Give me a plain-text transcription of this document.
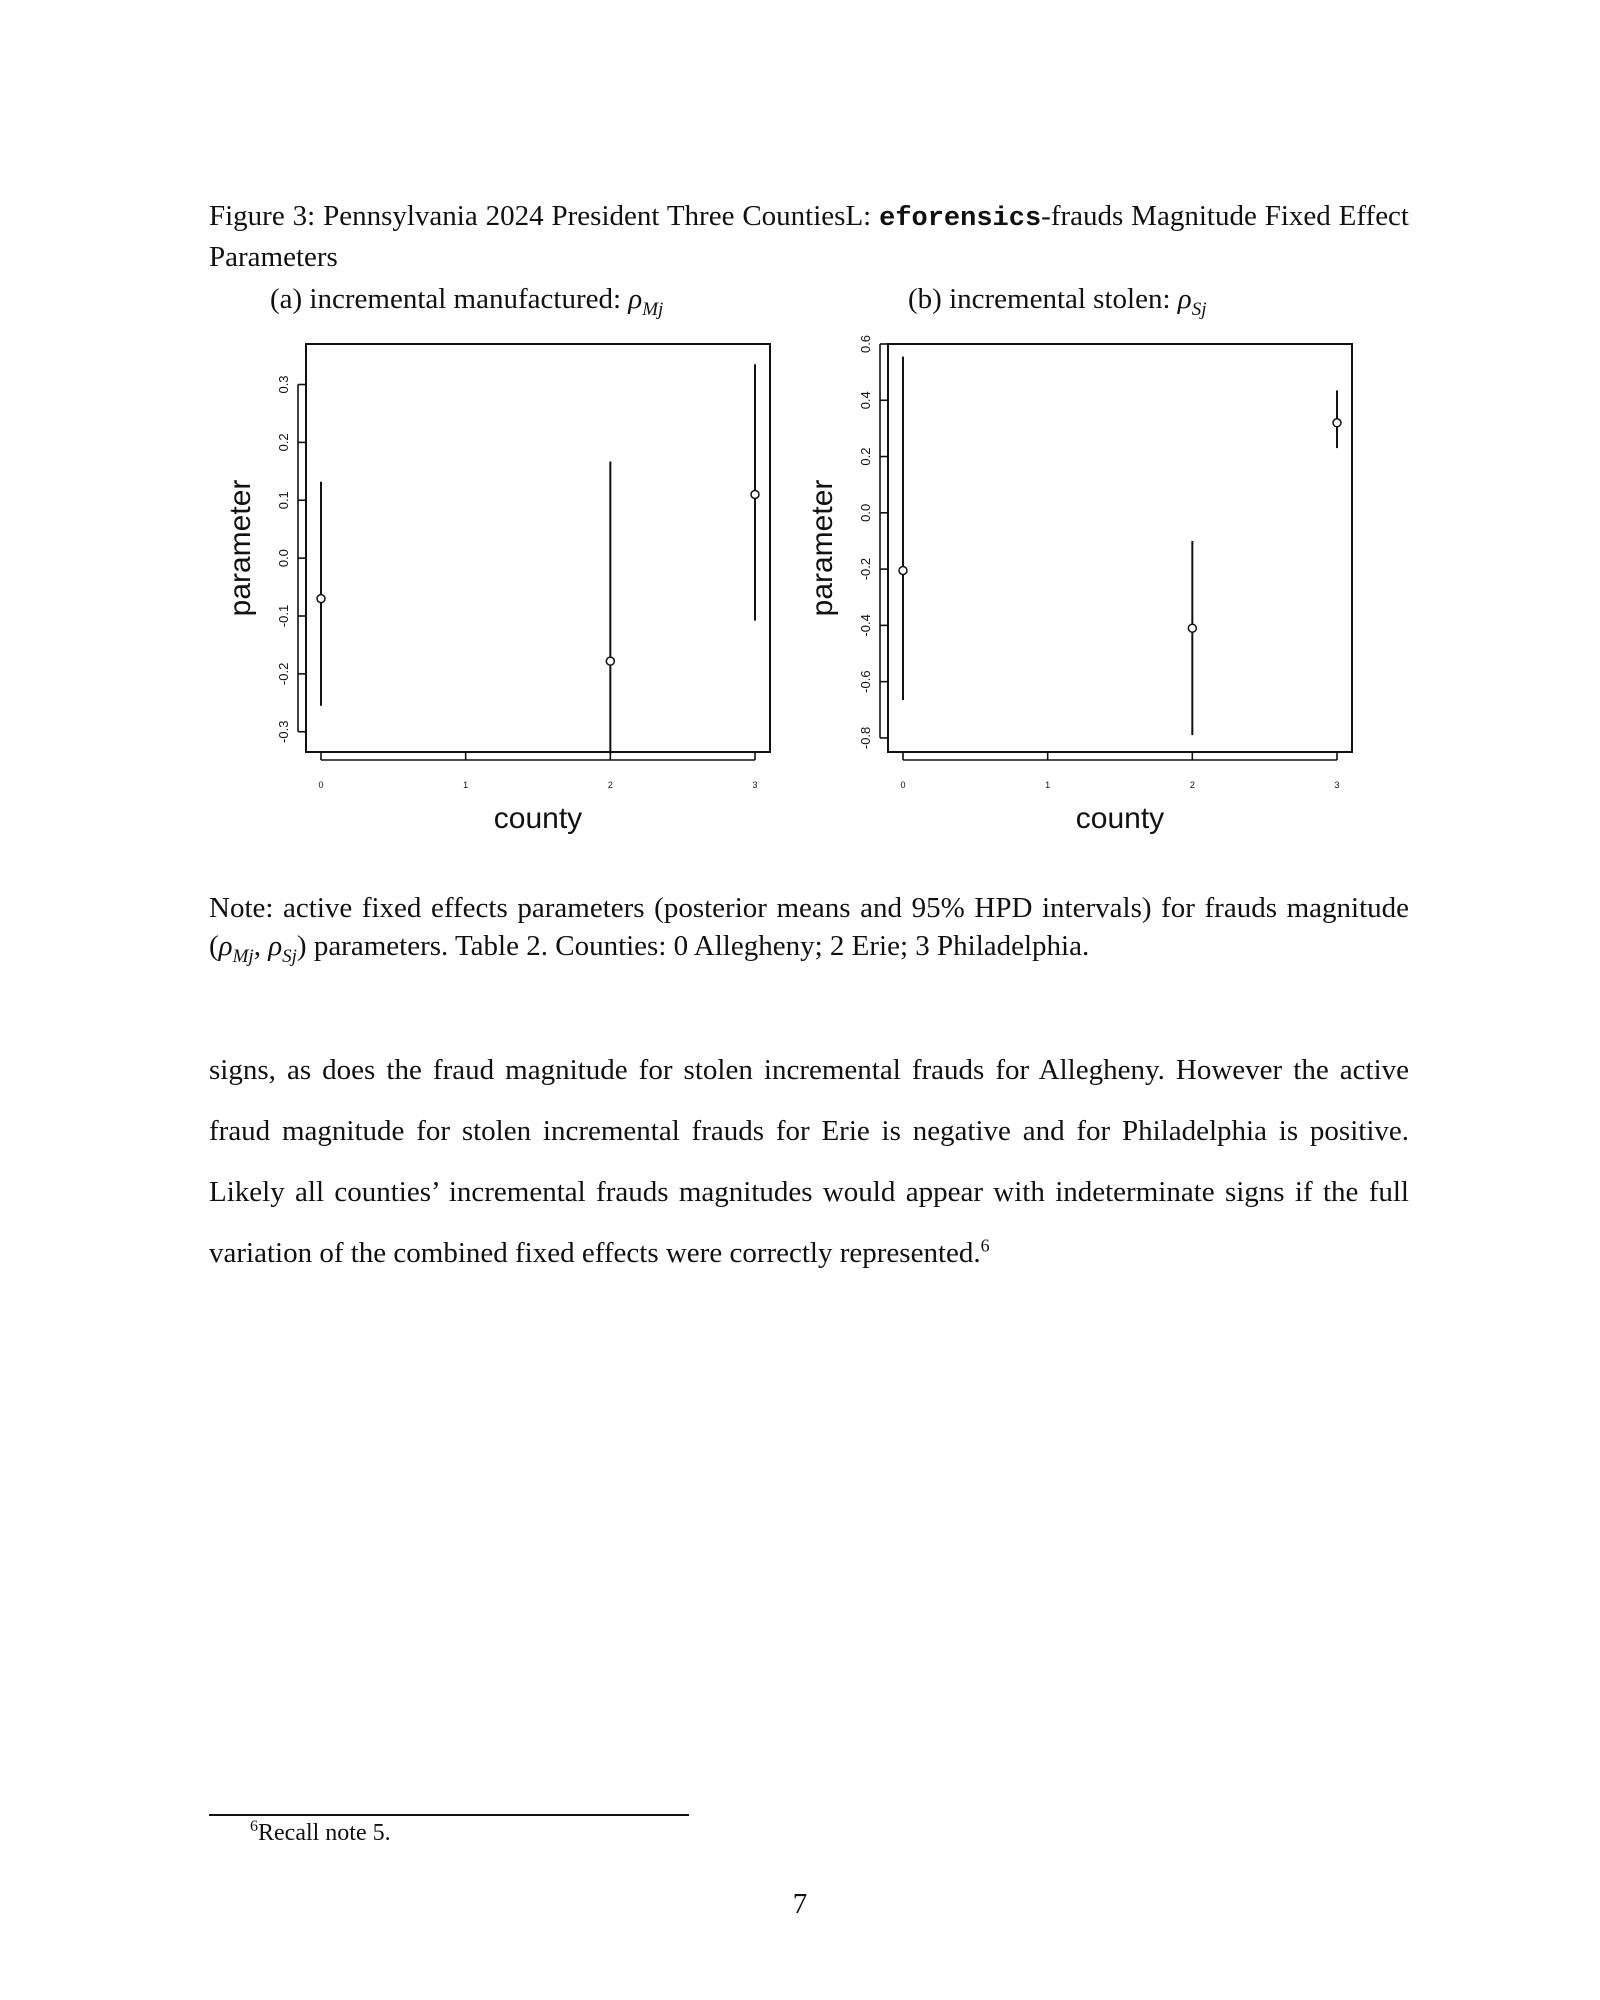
Figure 3: Pennsylvania 2024 President Three CountiesL: eforensics-frauds Magnitude Fixed Effect Parameters
(a) incremental manufactured: $\rho_{Mj}$	(b) incremental stolen: $\rho_{Sj}$
-0.3
-0.2
-0.1
0.0
0.1
0.2
0.3
0	1	2	3
county
parameter
-0.8
-0.6
-0.4
-0.2
0.0
0.2
0.4
0.6
0	1	2	3
county
parameter
Note: active fixed effects parameters (posterior means and 95% HPD intervals) for frauds magnitude ($\rho_{Mj}$, $\rho_{Sj}$) parameters. Table 2. Counties: 0 Allegheny; 2 Erie; 3 Philadelphia.
signs, as does the fraud magnitude for stolen incremental frauds for Allegheny. However the active fraud magnitude for stolen incremental frauds for Erie is negative and for Philadelphia is positive. Likely all counties’ incremental frauds magnitudes would appear with indeterminate signs if the full variation of the combined fixed effects were correctly represented.$^6$
$^6$Recall note 5.
7
